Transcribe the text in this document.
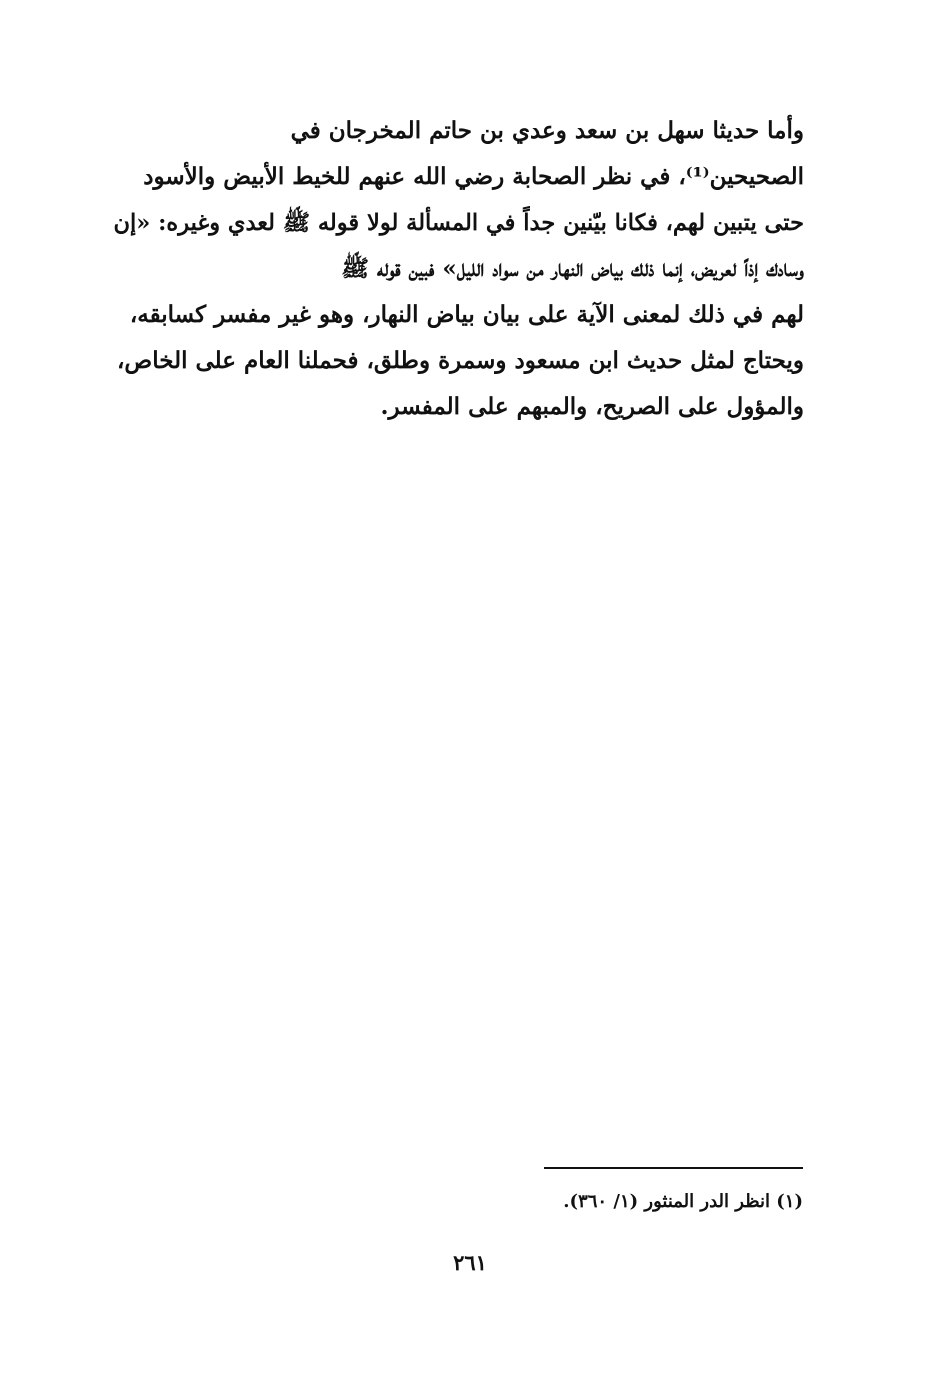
وأما حديثا سهل بن سعد وعدي بن حاتم المخرجان في
الصحيحين⁽¹⁾، في نظر الصحابة رضي الله عنهم للخيط الأبيض والأسود
حتى يتبين لهم، فكانا بيّنين جداً في المسألة لولا قوله ﷺ لعدي وغيره: «إن
وسادك إذاً لعريض، إنما ذلك بياض النهار من سواد الليل» فبين قوله ﷺ
لهم في ذلك لمعنى الآية على بيان بياض النهار، وهو غير مفسر كسابقه،
ويحتاج لمثل حديث ابن مسعود وسمرة وطلق، فحملنا العام على الخاص،
والمؤول على الصريح، والمبهم على المفسر.
(١) انظر الدر المنثور (١/ ٣٦٠).
٢٦١
